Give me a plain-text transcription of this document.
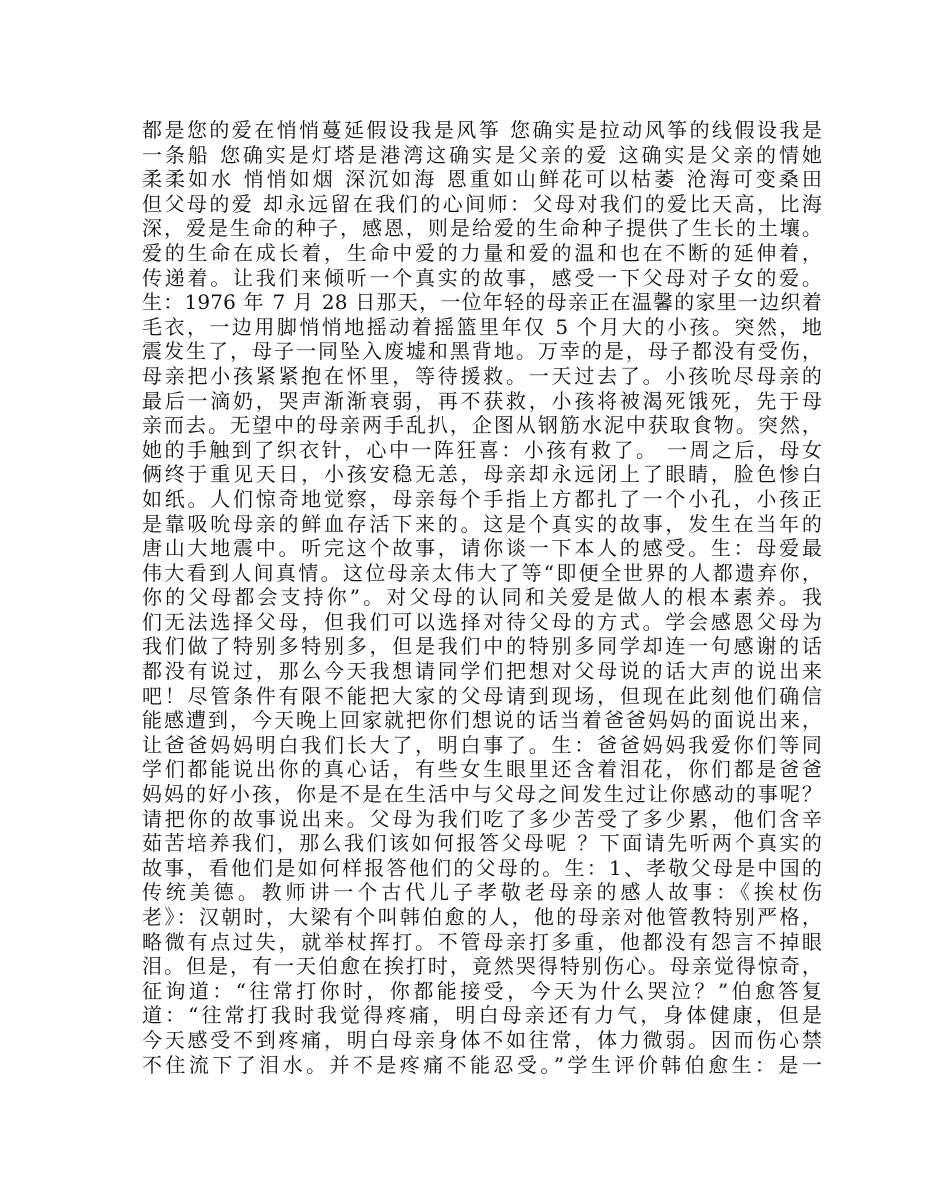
都是您的爱在悄悄蔓延假设我是风筝 您确实是拉动风筝的线假设我是
一条船 您确实是灯塔是港湾这确实是父亲的爱 这确实是父亲的情她
柔柔如水 悄悄如烟 深沉如海 恩重如山鲜花可以枯萎 沧海可变桑田
但父母的爱 却永远留在我们的心间师：父母对我们的爱比天高，比海
深，爱是生命的种子，感恩，则是给爱的生命种子提供了生长的土壤。
爱的生命在成长着，生命中爱的力量和爱的温和也在不断的延伸着，
传递着。让我们来倾听一个真实的故事，感受一下父母对子女的爱。
生：1976 年 7 月 28 日那天，一位年轻的母亲正在温馨的家里一边织着
毛衣，一边用脚悄悄地摇动着摇篮里年仅 5 个月大的小孩。突然，地
震发生了，母子一同坠入废墟和黑背地。万幸的是，母子都没有受伤，
母亲把小孩紧紧抱在怀里，等待援救。一天过去了。小孩吮尽母亲的
最后一滴奶，哭声渐渐衰弱，再不获救，小孩将被渴死饿死，先于母
亲而去。无望中的母亲两手乱扒，企图从钢筋水泥中获取食物。突然，
她的手触到了织衣针，心中一阵狂喜：小孩有救了。 一周之后，母女
俩终于重见天日，小孩安稳无恙，母亲却永远闭上了眼睛，脸色惨白
如纸。人们惊奇地觉察，母亲每个手指上方都扎了一个小孔，小孩正
是靠吸吮母亲的鲜血存活下来的。这是个真实的故事，发生在当年的
唐山大地震中。听完这个故事，请你谈一下本人的感受。生：母爱最
伟大看到人间真情。这位母亲太伟大了等“即便全世界的人都遗弃你，
你的父母都会支持你”。对父母的认同和关爱是做人的根本素养。我
们无法选择父母，但我们可以选择对待父母的方式。学会感恩父母为
我们做了特别多特别多，但是我们中的特别多同学却连一句感谢的话
都没有说过，那么今天我想请同学们把想对父母说的话大声的说出来
吧！尽管条件有限不能把大家的父母请到现场，但现在此刻他们确信
能感遭到，今天晚上回家就把你们想说的话当着爸爸妈妈的面说出来，
让爸爸妈妈明白我们长大了，明白事了。生：爸爸妈妈我爱你们等同
学们都能说出你的真心话，有些女生眼里还含着泪花，你们都是爸爸
妈妈的好小孩，你是不是在生活中与父母之间发生过让你感动的事呢？
请把你的故事说出来。父母为我们吃了多少苦受了多少累，他们含辛
茹苦培养我们，那么我们该如何报答父母呢 ？下面请先听两个真实的
故事，看他们是如何样报答他们的父母的。生：1、孝敬父母是中国的
传统美德。教师讲一个古代儿子孝敬老母亲的感人故事：《挨杖伤
老》：汉朝时，大梁有个叫韩伯愈的人，他的母亲对他管教特别严格，
略微有点过失，就举杖挥打。不管母亲打多重，他都没有怨言不掉眼
泪。但是，有一天伯愈在挨打时，竟然哭得特别伤心。母亲觉得惊奇，
征询道：“往常打你时，你都能接受，今天为什么哭泣？”伯愈答复
道：“往常打我时我觉得疼痛，明白母亲还有力气，身体健康，但是
今天感受不到疼痛，明白母亲身体不如往常，体力微弱。因而伤心禁
不住流下了泪水。并不是疼痛不能忍受。”学生评价韩伯愈生：是一
